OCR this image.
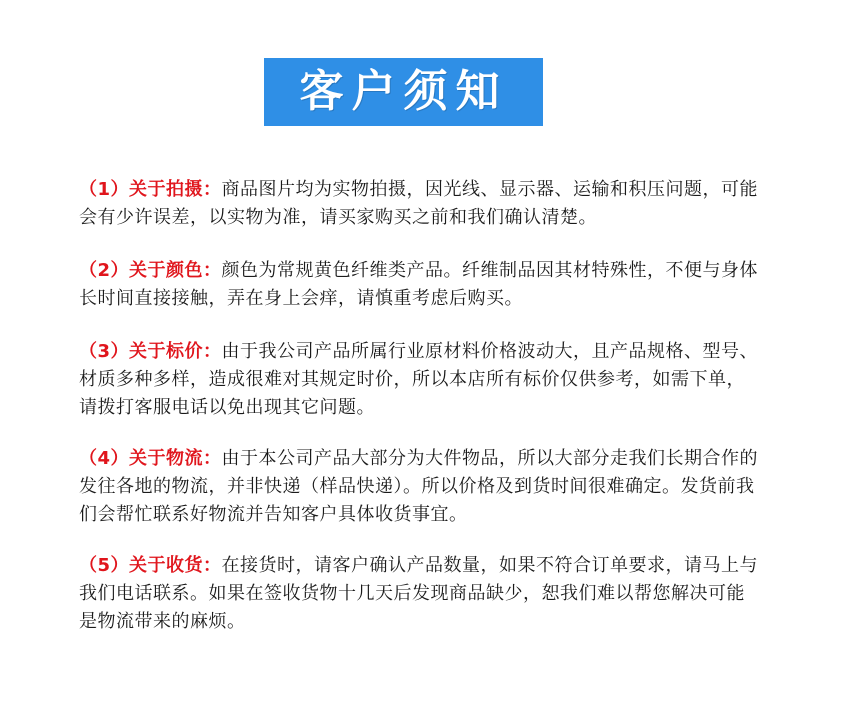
客户须知
（1）关于拍摄：商品图片均为实物拍摄，因光线、显示器、运输和积压问题，可能会有少许误差，以实物为准，请买家购买之前和我们确认清楚。
（2）关于颜色：颜色为常规黄色纤维类产品。纤维制品因其材特殊性，不便与身体长时间直接接触，弄在身上会痒，请慎重考虑后购买。
（3）关于标价：由于我公司产品所属行业原材料价格波动大，且产品规格、型号、材质多种多样，造成很难对其规定时价，所以本店所有标价仅供参考，如需下单，请拨打客服电话以免出现其它问题。
（4）关于物流：由于本公司产品大部分为大件物品，所以大部分走我们长期合作的发往各地的物流，并非快递（样品快递）。所以价格及到货时间很难确定。发货前我们会帮忙联系好物流并告知客户具体收货事宜。
（5）关于收货：在接货时，请客户确认产品数量，如果不符合订单要求，请马上与我们电话联系。如果在签收货物十几天后发现商品缺少，恕我们难以帮您解决可能是物流带来的麻烦。
